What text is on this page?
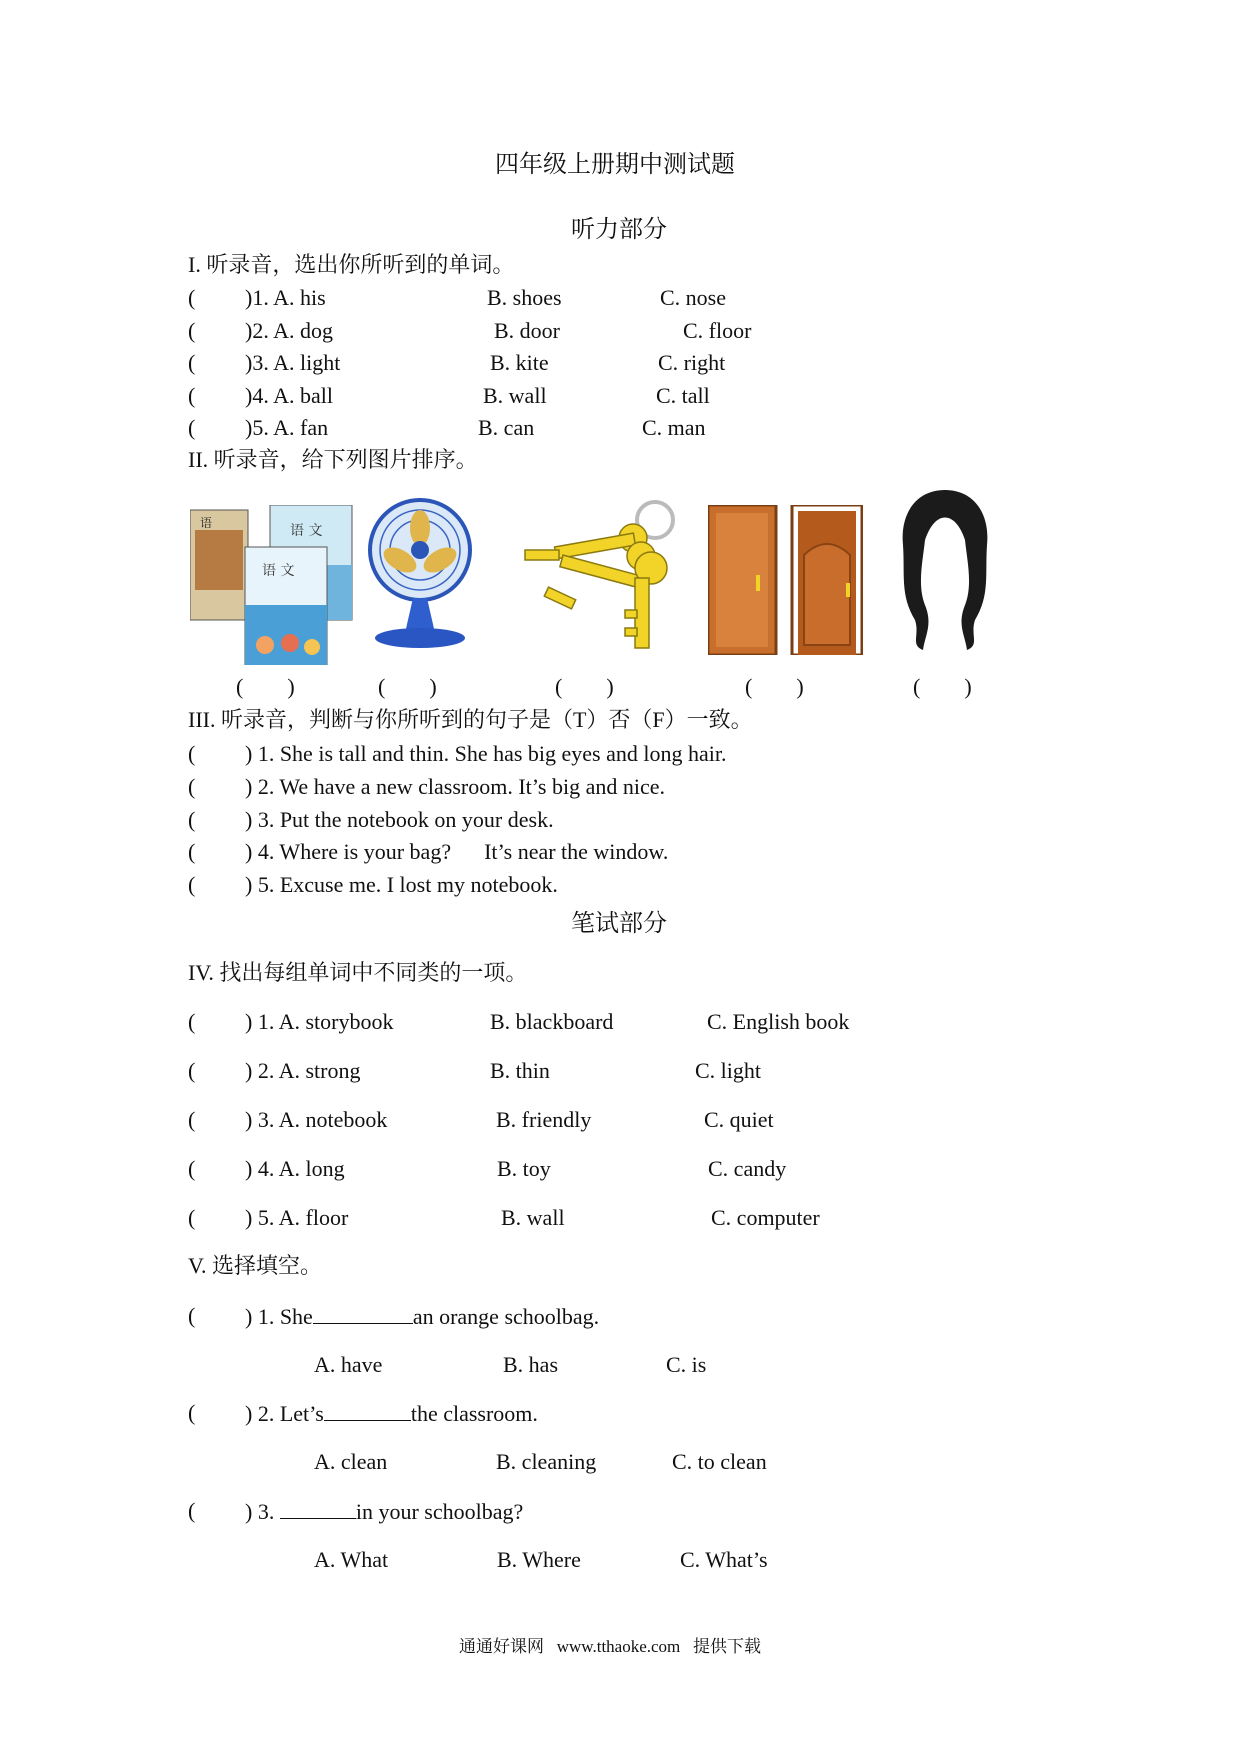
四年级上册期中测试题
听力部分
I. 听录音，选出你所听到的单词。
( )1. A. his	B. shoes	C. nose
( )2. A. dog	B. door	C. floor
( )3. A. light	B. kite	C. right
( )4. A. ball	B. wall	C. tall
( )5. A. fan	B. can	C. man
II. 听录音，给下列图片排序。
语	语 文
语 文
(        )	(        )	(        )	(        )	(        )
III. 听录音，判断与你所听到的句子是（T）否（F）一致。
( ) 1. She is tall and thin. She has big eyes and long hair.
( ) 2. We have a new classroom. It’s big and nice.
( ) 3. Put the notebook on your desk.
( ) 4. Where is your bag?      It’s near the window.
( ) 5. Excuse me. I lost my notebook.
笔试部分
IV. 找出每组单词中不同类的一项。
( ) 1. A. storybook	B. blackboard	C. English book
( ) 2. A. strong	B. thin	C. light
( ) 3. A. notebook	B. friendly	C. quiet
( ) 4. A. long	B. toy	C. candy
( ) 5. A. floor	B. wall	C. computer
V. 选择填空。
( ) 1. She	an orange schoolbag.
A. have	B. has	C. is
( ) 2. Let’s	the classroom.
A. clean	B. cleaning	C. to clean
( ) 3.	in your schoolbag?
A. What	B. Where	C. What’s
通通好课网   www.tthaoke.com   提供下载
